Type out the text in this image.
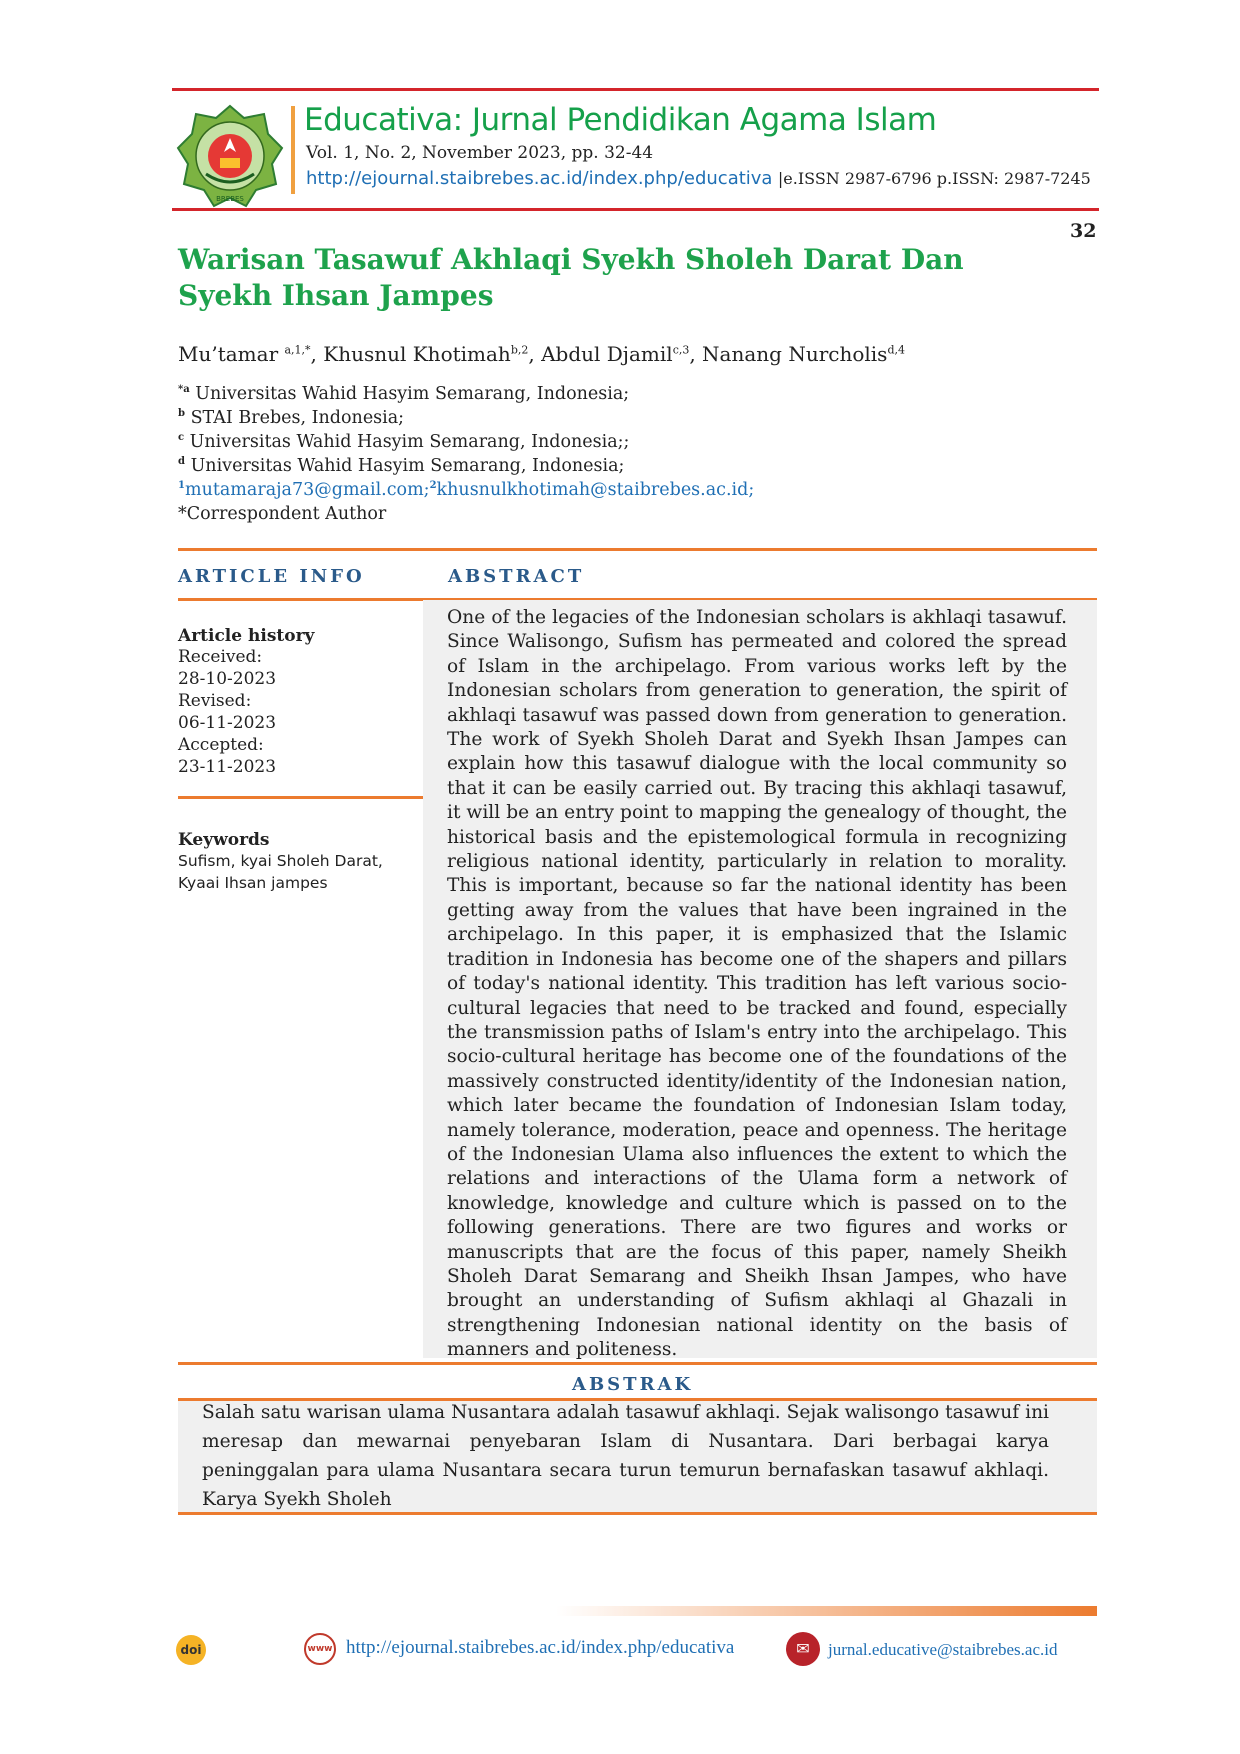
BREBES
Educativa: Jurnal Pendidikan Agama Islam
Vol. 1, No. 2, November 2023, pp. 32-44
http://ejournal.staibrebes.ac.id/index.php/educativa |e.ISSN 2987-6796 p.ISSN: 2987-7245
32
Warisan Tasawuf Akhlaqi Syekh Sholeh Darat Dan Syekh Ihsan Jampes
Mu’tamar $^{a,1,*}$, Khusnul Khotimah$^{b,2}$, Abdul Djamil$^{c,3}$, Nanang Nurcholis$^{d,4}$
$^{*a}$ Universitas Wahid Hasyim Semarang, Indonesia;
$^b$ STAI Brebes, Indonesia;
$^c$ Universitas Wahid Hasyim Semarang, Indonesia;;
$^d$ Universitas Wahid Hasyim Semarang, Indonesia;
$^1$mutamaraja73@gmail.com;$^2$khusnulkhotimah@staibrebes.ac.id;
*Correspondent Author
ARTICLE INFO	ABSTRACT
Article history
Received:
28-10-2023
Revised:
06-11-2023
Accepted:
23-11-2023
Keywords
Sufism, kyai Sholeh Darat, Kyaai Ihsan jampes
One of the legacies of the Indonesian scholars is akhlaqi tasawuf. Since Walisongo, Sufism has permeated and colored the spread of Islam in the archipelago. From various works left by the Indonesian scholars from generation to generation, the spirit of akhlaqi tasawuf was passed down from generation to generation. The work of Syekh Sholeh Darat and Syekh Ihsan Jampes can explain how this tasawuf dialogue with the local community so that it can be easily carried out. By tracing this akhlaqi tasawuf, it will be an entry point to mapping the genealogy of thought, the historical basis and the epistemological formula in recognizing religious national identity, particularly in relation to morality. This is important, because so far the national identity has been getting away from the values that have been ingrained in the archipelago. In this paper, it is emphasized that the Islamic tradition in Indonesia has become one of the shapers and pillars of today's national identity. This tradition has left various socio-cultural legacies that need to be tracked and found, especially the transmission paths of Islam's entry into the archipelago. This socio-cultural heritage has become one of the foundations of the massively constructed identity/identity of the Indonesian nation, which later became the foundation of Indonesian Islam today, namely tolerance, moderation, peace and openness. The heritage of the Indonesian Ulama also influences the extent to which the relations and interactions of the Ulama form a network of knowledge, knowledge and culture which is passed on to the following generations. There are two figures and works or manuscripts that are the focus of this paper, namely Sheikh Sholeh Darat Semarang and Sheikh Ihsan Jampes, who have brought an understanding of Sufism akhlaqi al Ghazali in strengthening Indonesian national identity on the basis of manners and politeness.
ABSTRAK
Salah satu warisan ulama Nusantara adalah tasawuf akhlaqi. Sejak walisongo tasawuf ini meresap dan mewarnai penyebaran Islam di Nusantara. Dari berbagai karya peninggalan para ulama Nusantara secara turun temurun bernafaskan tasawuf akhlaqi. Karya Syekh Sholeh
doi	www http://ejournal.staibrebes.ac.id/index.php/educativa	✉	jurnal.educative@staibrebes.ac.id
